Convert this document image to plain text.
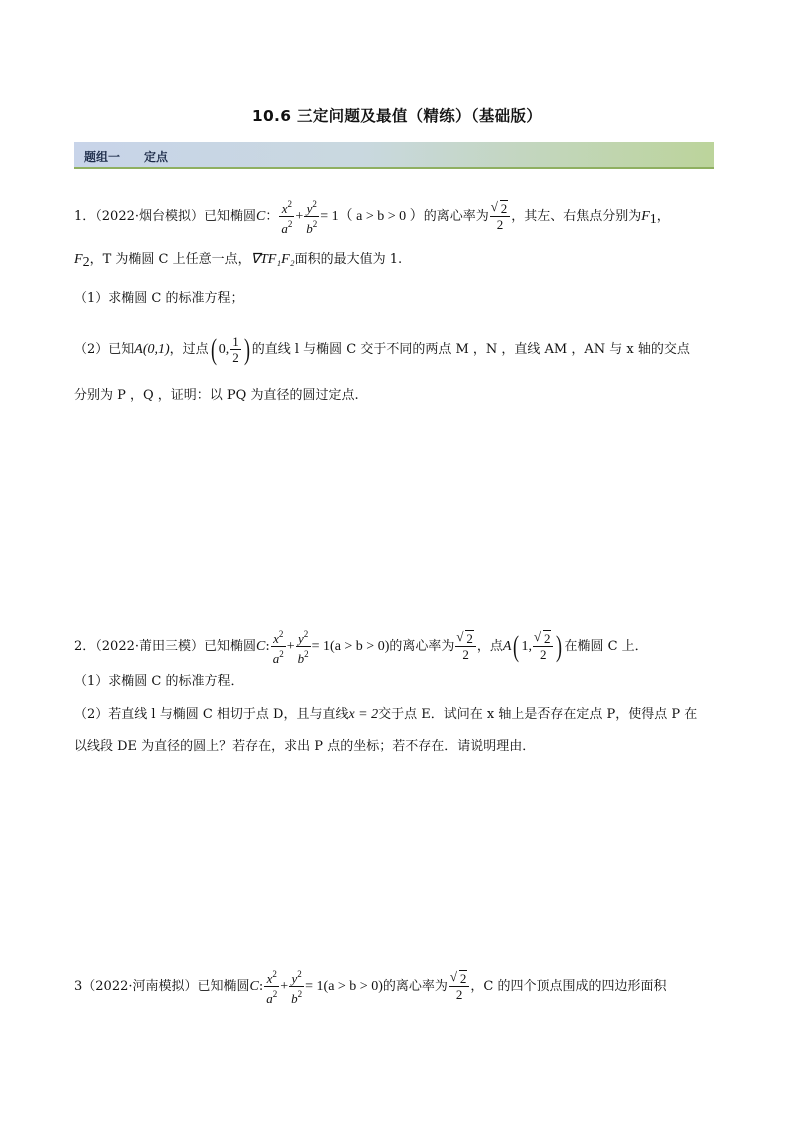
10.6 三定问题及最值（精练）（基础版）
题组一　　定点
1．（2022·烟台模拟）已知椭圆C： $\frac{x^2}{a^2} + \frac{y^2}{b^2} = 1$（ a > b > 0 ）的离心率为 √ $\frac{2}{2}$ ，其左、右焦点分别为$F_1$，
$F_2$，T 为椭圆 C 上任意一点，∇TF₁F₂面积的最大值为 1.
（1）求椭圆 C 的标准方程；
（2）已知A(0,1)，过点( 0, $\frac{1}{2}$ ) 的直线 l 与椭圆 C 交于不同的两点 M ，N ，直线 AM ，AN 与 x 轴的交点
分别为 P ，Q ，证明：以 PQ 为直径的圆过定点.
2．（2022·莆田三模）已知椭圆C: $\frac{x^2}{a^2} + \frac{y^2}{b^2} = 1(a > b > 0)$的离心率为 √ $\frac{2}{2}$ ，点A( 1, √ $\frac{2}{2}$ ) 在椭圆 C 上．
（1）求椭圆 C 的标准方程．
（2）若直线 l 与椭圆 C 相切于点 D，且与直线x = 2交于点 E．试问在 x 轴上是否存在定点 P，使得点 P 在
以线段 DE 为直径的圆上？若存在，求出 P 点的坐标；若不存在．请说明理由．
3（2022·河南模拟）已知椭圆C: $\frac{x^2}{a^2} + \frac{y^2}{b^2} = 1(a > b > 0)$的离心率为 √ $\frac{2}{2}$ ，C 的四个顶点围成的四边形面积
